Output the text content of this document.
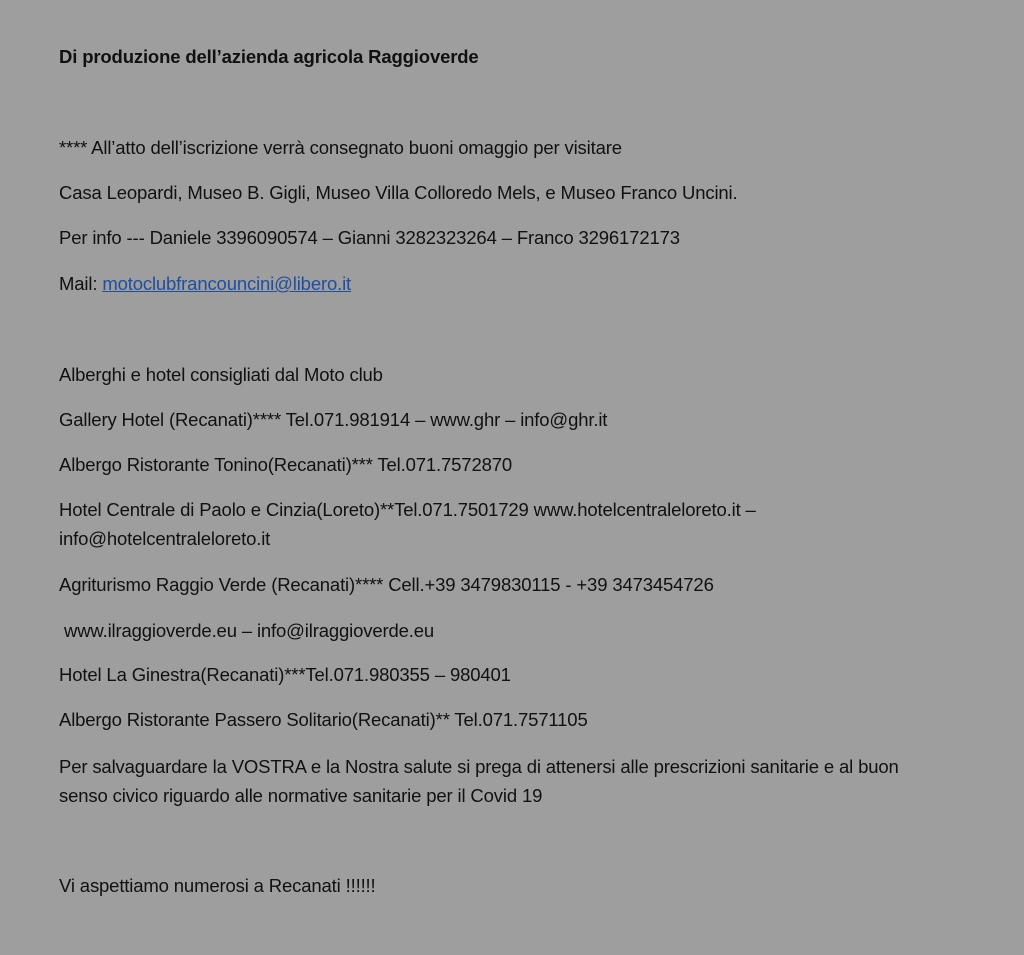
Di produzione dell’azienda agricola Raggioverde
**** All’atto dell’iscrizione verrà consegnato buoni omaggio per visitare
Casa Leopardi, Museo B. Gigli, Museo Villa Colloredo Mels, e Museo Franco Uncini.
Per info --- Daniele 3396090574 – Gianni 3282323264 – Franco 3296172173
Mail: motoclubfrancouncini@libero.it
Alberghi e hotel consigliati dal Moto club
Gallery Hotel (Recanati)**** Tel.071.981914 – www.ghr – info@ghr.it
Albergo Ristorante Tonino(Recanati)*** Tel.071.7572870
Hotel Centrale di Paolo e Cinzia(Loreto)**Tel.071.7501729 www.hotelcentraleloreto.it –
info@hotelcentraleloreto.it
Agriturismo Raggio Verde (Recanati)**** Cell.+39 3479830115 - +39 3473454726
www.ilraggioverde.eu – info@ilraggioverde.eu
Hotel La Ginestra(Recanati)***Tel.071.980355 – 980401
Albergo Ristorante Passero Solitario(Recanati)** Tel.071.7571105
Per salvaguardare la VOSTRA e la Nostra salute si prega di attenersi alle prescrizioni sanitarie e al buon
senso civico riguardo alle normative sanitarie per il Covid 19
Vi aspettiamo numerosi a Recanati !!!!!!
